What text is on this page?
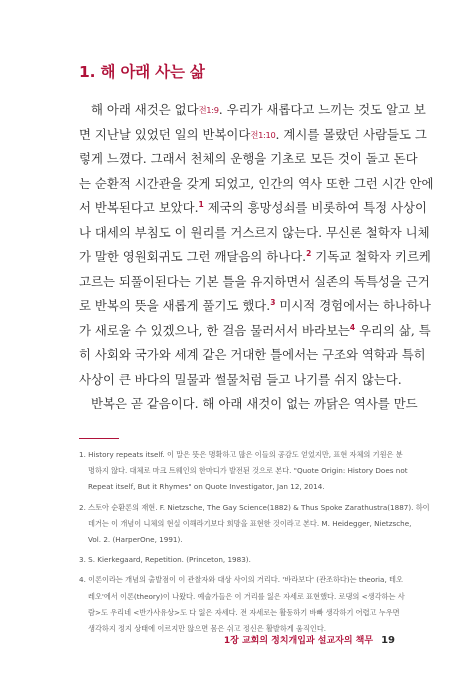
1. 해 아래 사는 삶
해 아래 새것은 없다전1:9. 우리가 새롭다고 느끼는 것도 알고 보
면 지난날 있었던 일의 반복이다전1:10. 계시를 몰랐던 사람들도 그
렇게 느꼈다. 그래서 천체의 운행을 기초로 모든 것이 돌고 돈다
는 순환적 시간관을 갖게 되었고, 인간의 역사 또한 그런 시간 안에
서 반복된다고 보았다.$^1$ 제국의 흥망성쇠를 비롯하여 특정 사상이
나 대세의 부침도 이 원리를 거스르지 않는다. 무신론 철학자 니체
가 말한 영원회귀도 그런 깨달음의 하나다.$^2$ 기독교 철학자 키르케
고르는 되풀이된다는 기본 틀을 유지하면서 실존의 독특성을 근거
로 반복의 뜻을 새롭게 풀기도 했다.$^3$ 미시적 경험에서는 하나하나
가 새로울 수 있겠으나, 한 걸음 물러서서 바라보는$^4$ 우리의 삶, 특
히 사회와 국가와 세계 같은 거대한 틀에서는 구조와 역학과 특히
사상이 큰 바다의 밀물과 썰물처럼 들고 나기를 쉬지 않는다.
반복은 곧 같음이다. 해 아래 새것이 없는 까닭은 역사를 만드
1. History repeats itself. 이 말은 뜻은 명확하고 많은 이들의 공감도 얻었지만, 표현 자체의 기원은 분
명하지 않다. 대체로 마크 트웨인의 한마디가 발전된 것으로 본다. "Quote Origin: History Does not
Repeat itself, But it Rhymes" on Quote Investigator, Jan 12, 2014.
2. 스토아 순환론의 재현. F. Nietzsche, The Gay Science(1882) & Thus Spoke Zarathustra(1887). 하이
데거는 이 개념이 니체의 현실 이해라기보다 희망을 표현한 것이라고 본다. M. Heidegger, Nietzsche,
Vol. 2. (HarperOne, 1991).
3. S. Kierkegaard, Repetition. (Princeton, 1983).
4. 이론이라는 개념의 출발점이 이 관찰자와 대상 사이의 거리다. '바라보다' (관조하다)는 theoria, 테오
레오'에서 이론(theory)이 나왔다. 예술가들은 이 거리를 잃은 자세로 표현했다. 로댕의 <생각하는 사
람>도 우리네 <반가사유상>도 다 잃은 자세다. 전 자세로는 활동하기 바빠 생각하기 어렵고 누우면
생각하지 정지 상태에 이르지만 않으면 몸은 쉬고 정신은 활발하게 움직인다.
1장 교회의 정치개입과 설교자의 책무 19
